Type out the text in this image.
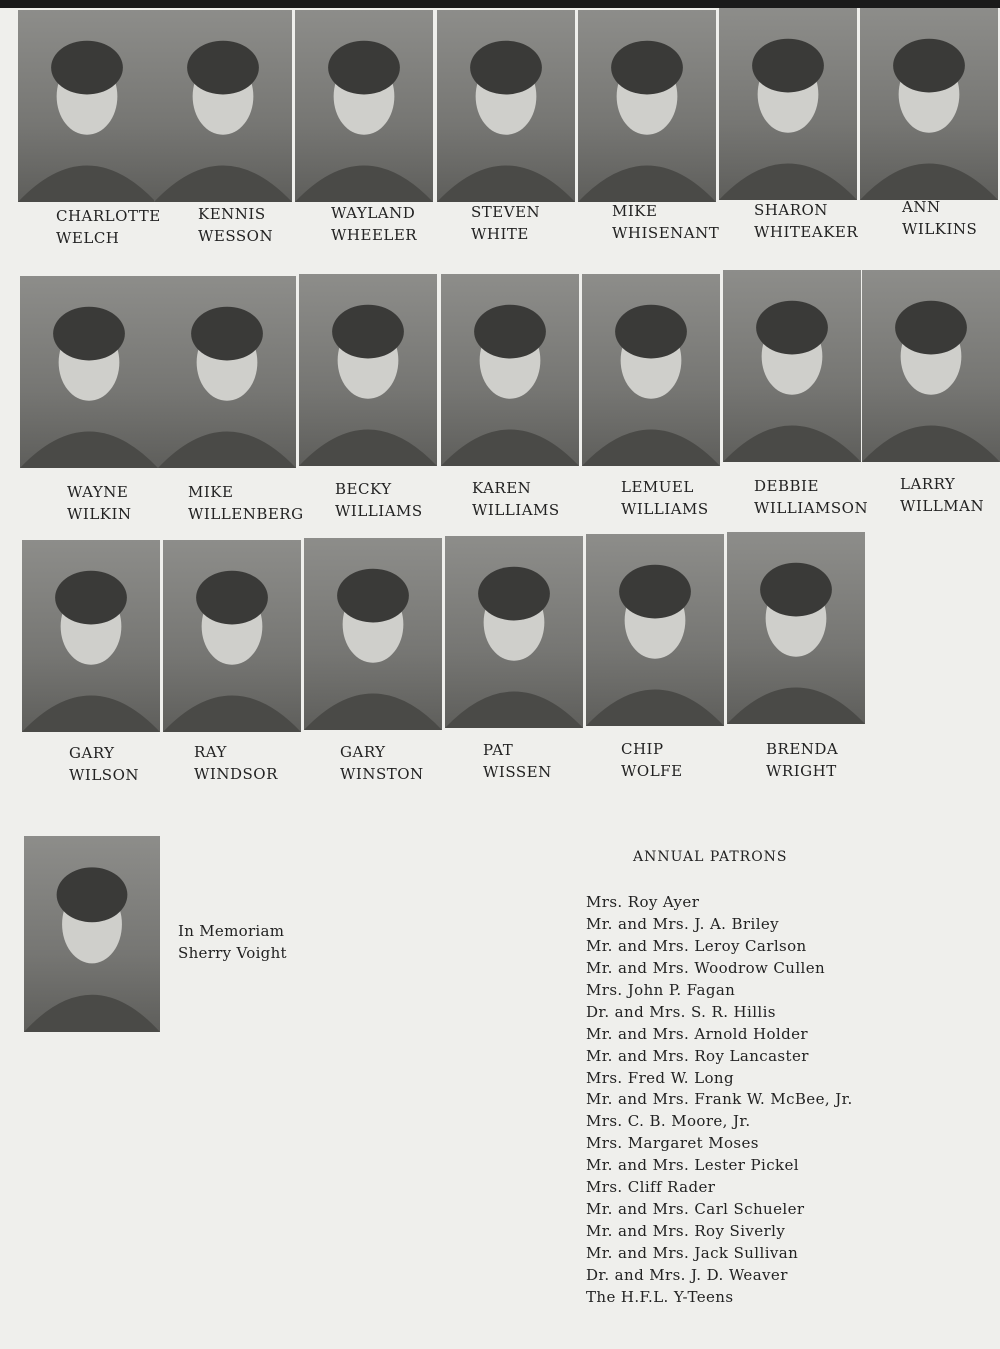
CHARLOTTE
WELCH
KENNIS
WESSON
WAYLAND
WHEELER
STEVEN
WHITE
MIKE
WHISENANT
SHARON
WHITEAKER
ANN
WILKINS
WAYNE
WILKIN
MIKE
WILLENBERG
BECKY
WILLIAMS
KAREN
WILLIAMS
LEMUEL
WILLIAMS
DEBBIE
WILLIAMSON
LARRY
WILLMAN
GARY
WILSON
RAY
WINDSOR
GARY
WINSTON
PAT
WISSEN
CHIP
WOLFE
BRENDA
WRIGHT
In Memoriam
Sherry Voight
ANNUAL PATRONS
Mrs. Roy Ayer
Mr. and Mrs. J. A. Briley
Mr. and Mrs. Leroy Carlson
Mr. and Mrs. Woodrow Cullen
Mrs. John P. Fagan
Dr. and Mrs. S. R. Hillis
Mr. and Mrs. Arnold Holder
Mr. and Mrs. Roy Lancaster
Mrs. Fred W. Long
Mr. and Mrs. Frank W. McBee, Jr.
Mrs. C. B. Moore, Jr.
Mrs. Margaret Moses
Mr. and Mrs. Lester Pickel
Mrs. Cliff Rader
Mr. and Mrs. Carl Schueler
Mr. and Mrs. Roy Siverly
Mr. and Mrs. Jack Sullivan
Dr. and Mrs. J. D. Weaver
The H.F.L. Y-Teens
